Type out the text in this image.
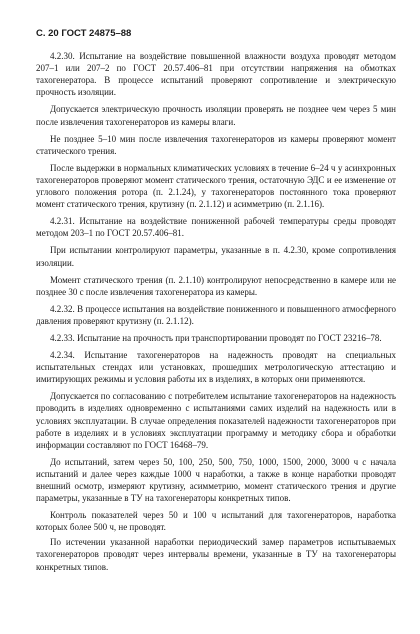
С. 20 ГОСТ 24875–88

4.2.30. Испытание на воздействие повышенной влажности воздуха проводят методом 207–1 или 207–2 по ГОСТ 20.57.406–81 при отсутствии напряжения на обмотках тахогенератора. В процессе испытаний проверяют сопротивление и электрическую прочность изоляции.

Допускается электрическую прочность изоляции проверять не позднее чем через 5 мин после извлечения тахогенераторов из камеры влаги.

Не позднее 5–10 мин после извлечения тахогенераторов из камеры проверяют момент статического трения.

После выдержки в нормальных климатических условиях в течение 6–24 ч у асинхронных тахогенераторов проверяют момент статического трения, остаточную ЭДС и ее изменение от углового положения ротора (п. 2.1.24), у тахогенераторов постоянного тока проверяют момент статического трения, крутизну (п. 2.1.12) и асимметрию (п. 2.1.16).

4.2.31. Испытание на воздействие пониженной рабочей температуры среды проводят методом 203–1 по ГОСТ 20.57.406–81.

При испытании контролируют параметры, указанные в п. 4.2.30, кроме сопротивления изоляции.

Момент статического трения (п. 2.1.10) контролируют непосредственно в камере или не позднее 30 с после извлечения тахогенератора из камеры.

4.2.32. В процессе испытания на воздействие пониженного и повышенного атмосферного давления проверяют крутизну (п. 2.1.12).

4.2.33. Испытание на прочность при транспортировании проводят по ГОСТ 23216–78.

4.2.34. Испытание тахогенераторов на надежность проводят на специальных испытательных стендах или установках, прошедших метрологическую аттестацию и имитирующих режимы и условия работы их в изделиях, в которых они применяются.

Допускается по согласованию с потребителем испытание тахогенераторов на надежность проводить в изделиях одновременно с испытаниями самих изделий на надежность или в условиях эксплуатации. В случае определения показателей надежности тахогенераторов при работе в изделиях и в условиях эксплуатации программу и методику сбора и обработки информации составляют по ГОСТ 16468–79.

До испытаний, затем через 50, 100, 250, 500, 750, 1000, 1500, 2000, 3000 ч с начала испытаний и далее через каждые 1000 ч наработки, а также в конце наработки проводят внешний осмотр, измеряют крутизну, асимметрию, момент статического трения и другие параметры, указанные в ТУ на тахогенераторы конкретных типов.

Контроль показателей через 50 и 100 ч испытаний для тахогенераторов, наработка которых более 500 ч, не проводят.

По истечении указанной наработки периодический замер параметров испытываемых тахогенераторов проводят через интервалы времени, указанные в ТУ на тахогенераторы конкретных типов.
